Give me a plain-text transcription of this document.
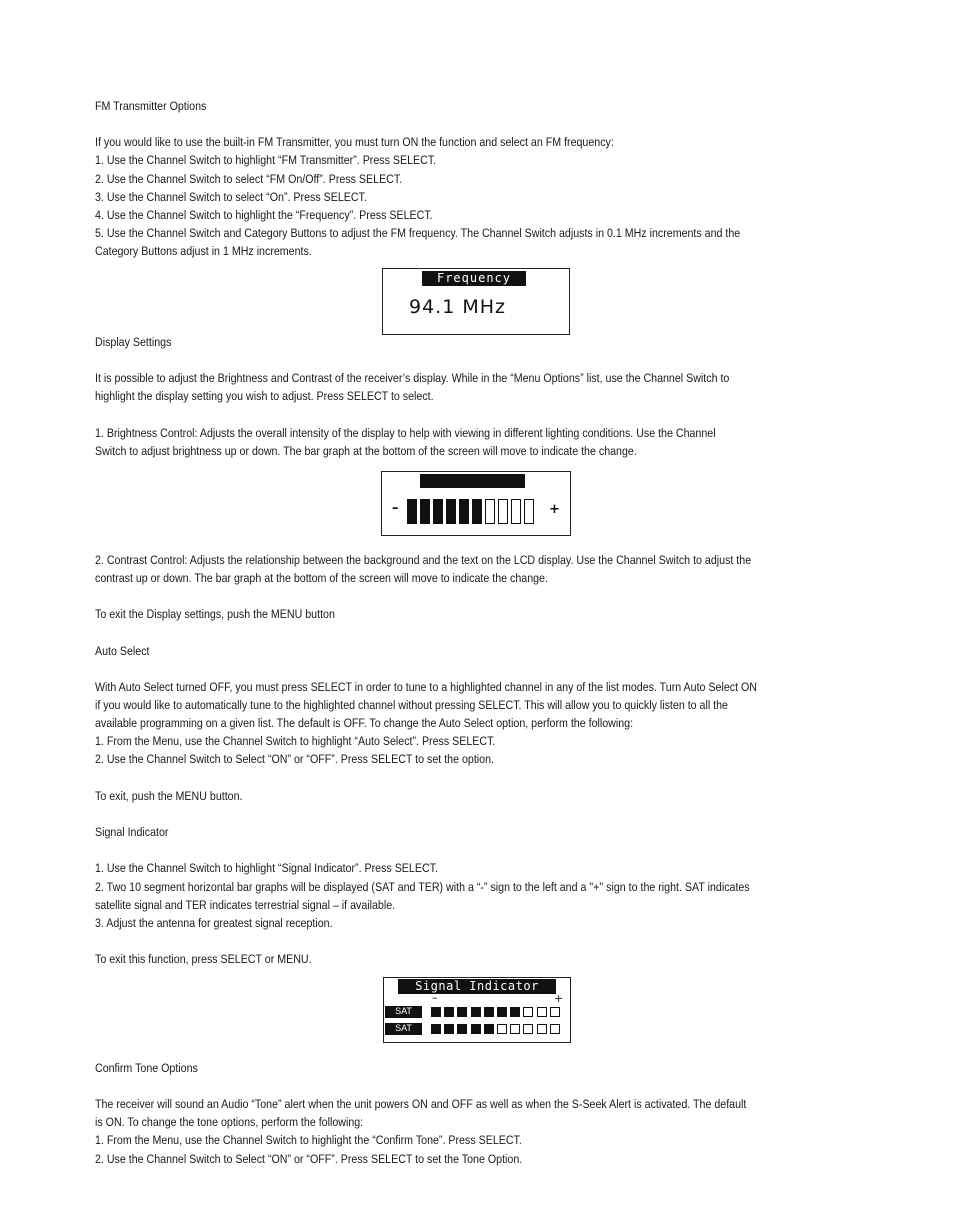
FM Transmitter Options
If you would like to use the built-in FM Transmitter, you must turn ON the function and select an FM frequency:
1. Use the Channel Switch to highlight “FM Transmitter”. Press SELECT.
2. Use the Channel Switch to select “FM On/Off”. Press SELECT.
3. Use the Channel Switch to select “On”. Press SELECT.
4. Use the Channel Switch to highlight the “Frequency”. Press SELECT.
5. Use the Channel Switch and Category Buttons to adjust the FM frequency. The Channel Switch adjusts in 0.1 MHz increments and the
Category Buttons adjust in 1 MHz increments.
Frequency
94.1 MHz
Display Settings
It is possible to adjust the Brightness and Contrast of the receiver’s display. While in the “Menu Options” list, use the Channel Switch to
highlight the display setting you wish to adjust. Press SELECT to select.
1. Brightness Control: Adjusts the overall intensity of the display to help with viewing in different lighting conditions. Use the Channel
Switch to adjust brightness up or down. The bar graph at the bottom of the screen will move to indicate the change.
–	+
2. Contrast Control: Adjusts the relationship between the background and the text on the LCD display. Use the Channel Switch to adjust the
contrast up or down. The bar graph at the bottom of the screen will move to indicate the change.
To exit the Display settings, push the MENU button
Auto Select
With Auto Select turned OFF, you must press SELECT in order to tune to a highlighted channel in any of the list modes. Turn Auto Select ON
if you would like to automatically tune to the highlighted channel without pressing SELECT. This will allow you to quickly listen to all the
available programming on a given list. The default is OFF. To change the Auto Select option, perform the following:
1. From the Menu, use the Channel Switch to highlight “Auto Select”. Press SELECT.
2. Use the Channel Switch to Select “ON” or “OFF”. Press SELECT to set the option.
To exit, push the MENU button.
Signal Indicator
1. Use the Channel Switch to highlight “Signal Indicator”. Press SELECT.
2. Two 10 segment horizontal bar graphs will be displayed (SAT and TER) with a “-” sign to the left and a "+" sign to the right. SAT indicates
satellite signal and TER indicates terrestrial signal – if available.
3. Adjust the antenna for greatest signal reception.
To exit this function, press SELECT or MENU.
Signal Indicator
–	+
SAT
SAT
Confirm Tone Options
The receiver will sound an Audio “Tone” alert when the unit powers ON and OFF as well as when the S-Seek Alert is activated. The default
is ON. To change the tone options, perform the following:
1. From the Menu, use the Channel Switch to highlight the “Confirm Tone”. Press SELECT.
2. Use the Channel Switch to Select “ON” or “OFF”. Press SELECT to set the Tone Option.
